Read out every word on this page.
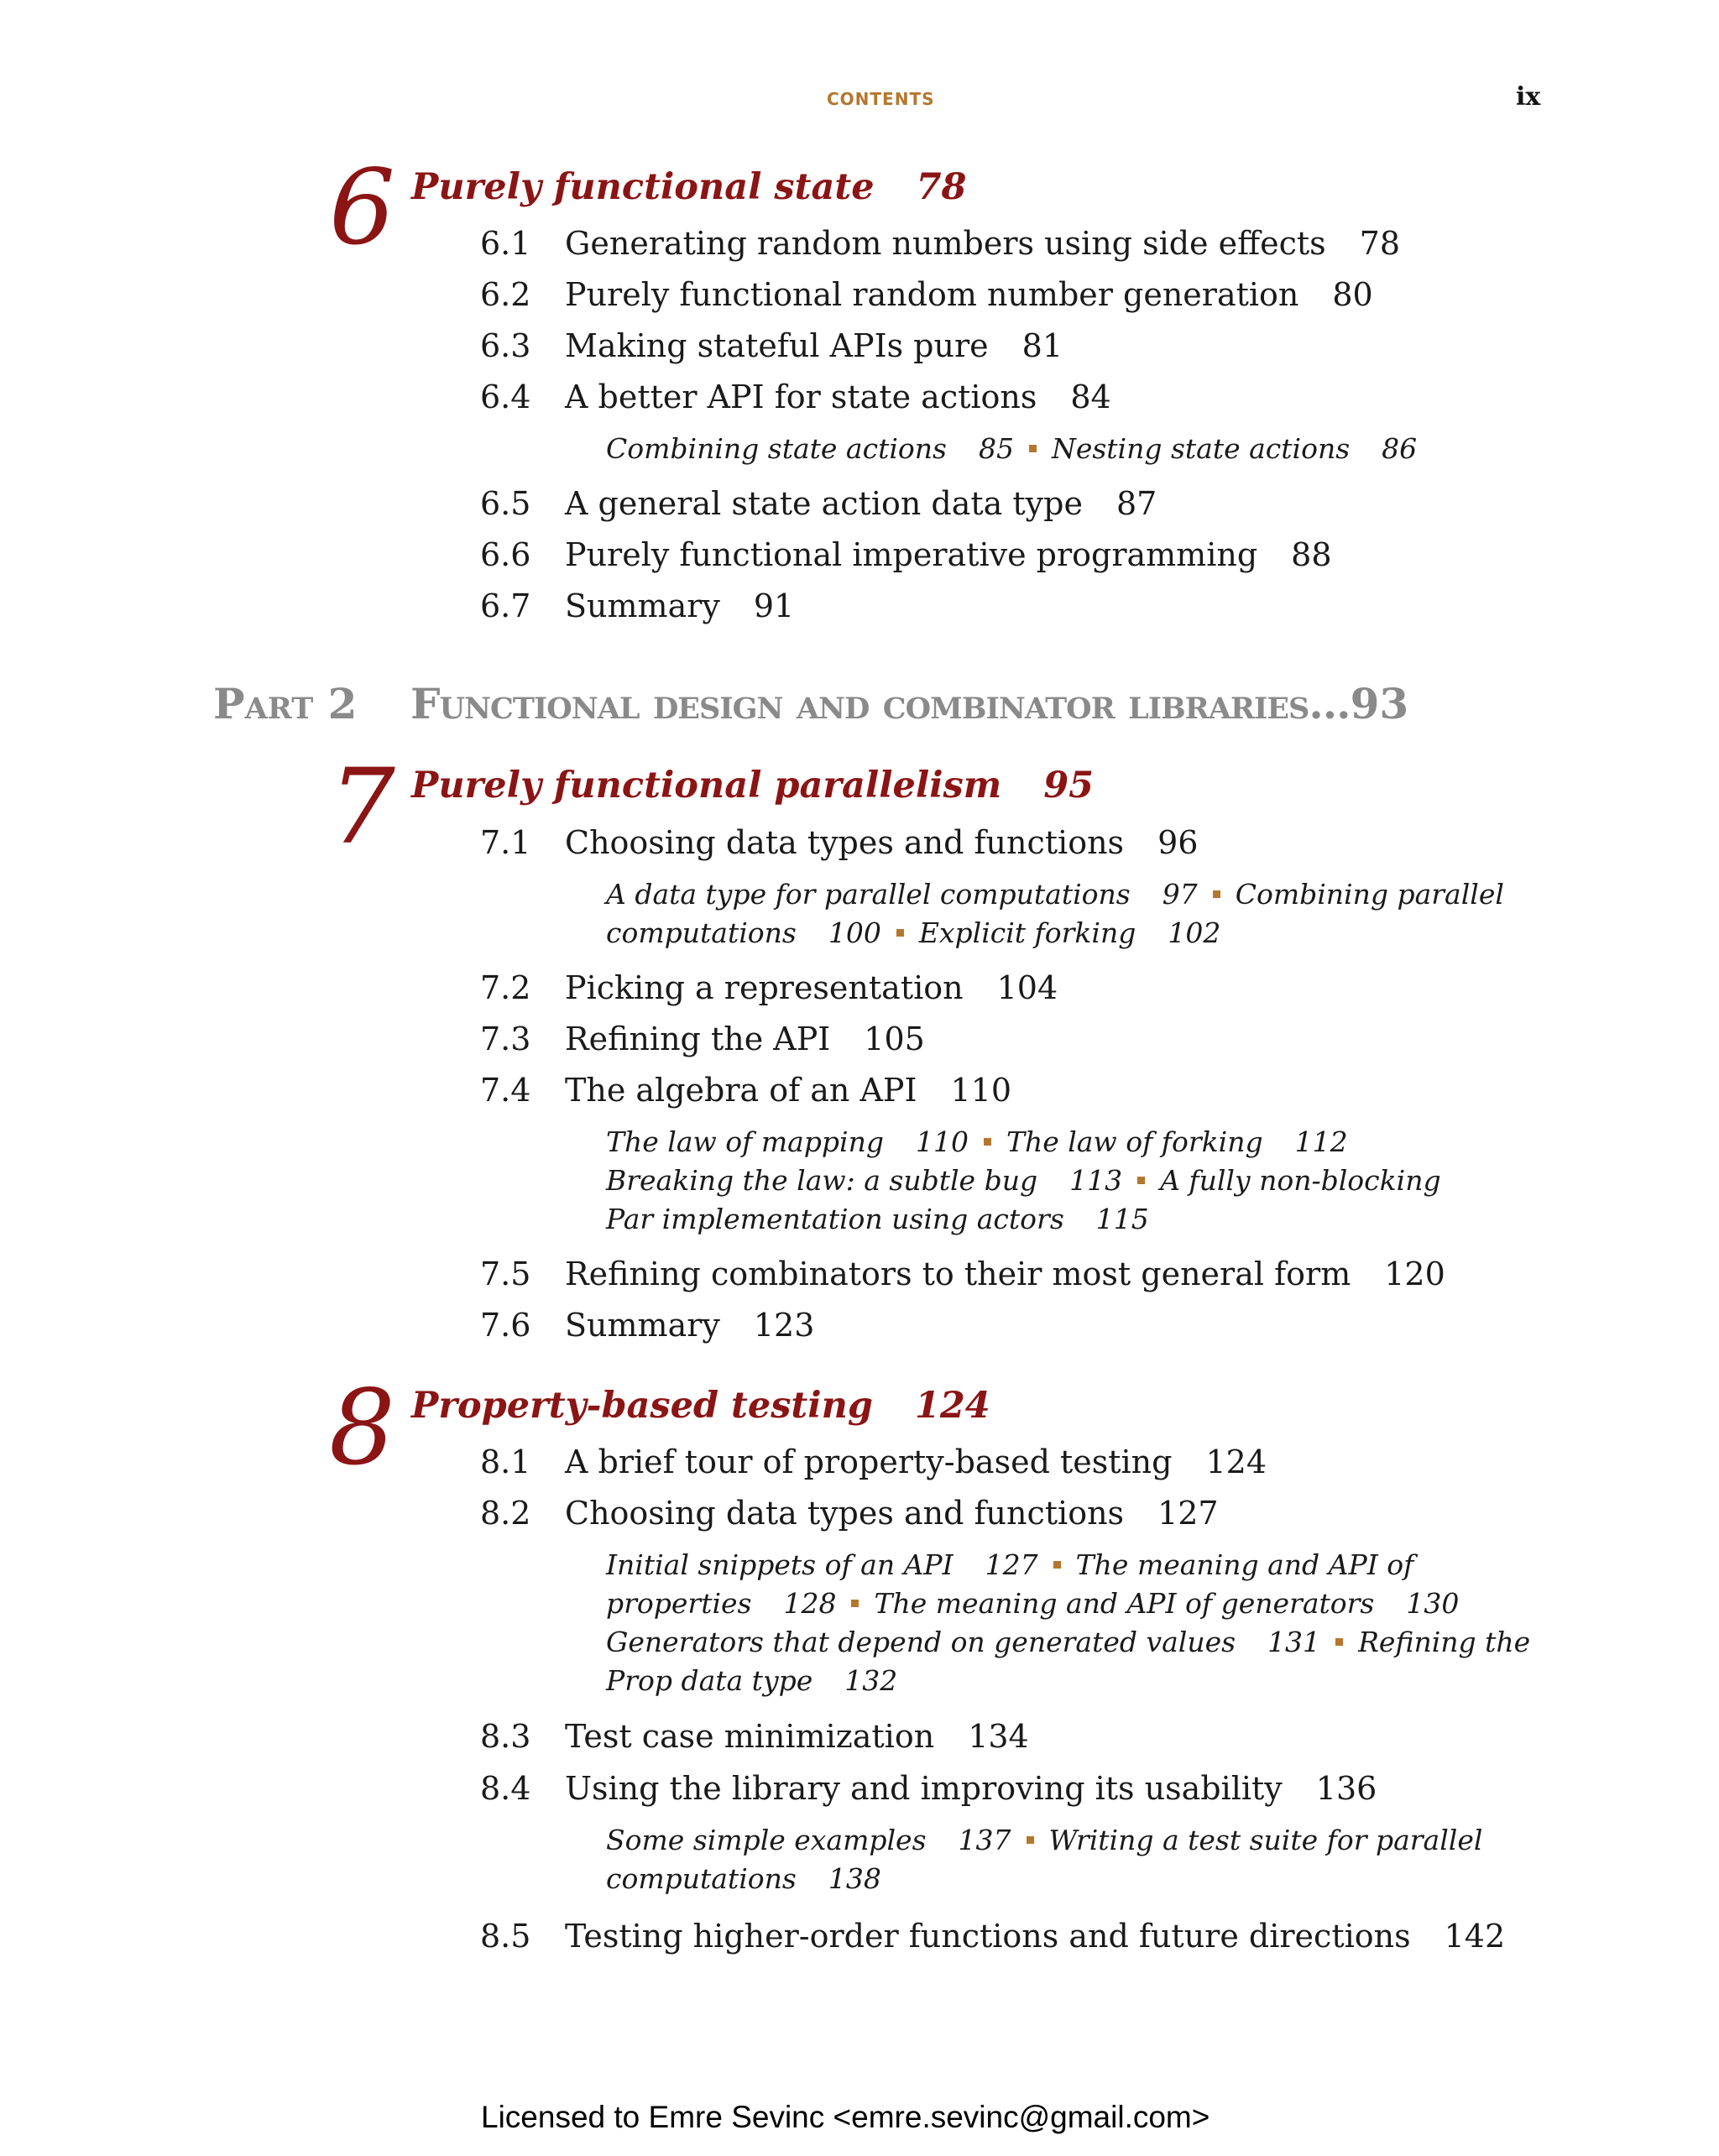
CONTENTS	ix
6 Purely functional state 78
6.1 Generating random numbers using side effects 78
6.2 Purely functional random number generation 80
6.3 Making stateful APIs pure 81
6.4 A better API for state actions 84
Combining state actions 85 Nesting state actions 86
6.5 A general state action data type 87
6.6 Purely functional imperative programming 88
6.7 Summary 91
Part 2 Functional design and combinator libraries...93
7 Purely functional parallelism 95
7.1 Choosing data types and functions 96
A data type for parallel computations 97 Combining parallel
computations 100 Explicit forking 102
7.2 Picking a representation 104
7.3 Refining the API 105
7.4 The algebra of an API 110
The law of mapping 110 The law of forking 112
Breaking the law: a subtle bug 113 A fully non-blocking
Par implementation using actors 115
7.5 Refining combinators to their most general form 120
7.6 Summary 123
8 Property-based testing 124
8.1 A brief tour of property-based testing 124
8.2 Choosing data types and functions 127
Initial snippets of an API 127 The meaning and API of
properties 128 The meaning and API of generators 130
Generators that depend on generated values 131 Refining the
Prop data type 132
8.3 Test case minimization 134
8.4 Using the library and improving its usability 136
Some simple examples 137 Writing a test suite for parallel
computations 138
8.5 Testing higher-order functions and future directions 142
Licensed to Emre Sevinc <emre.sevinc@gmail.com>
